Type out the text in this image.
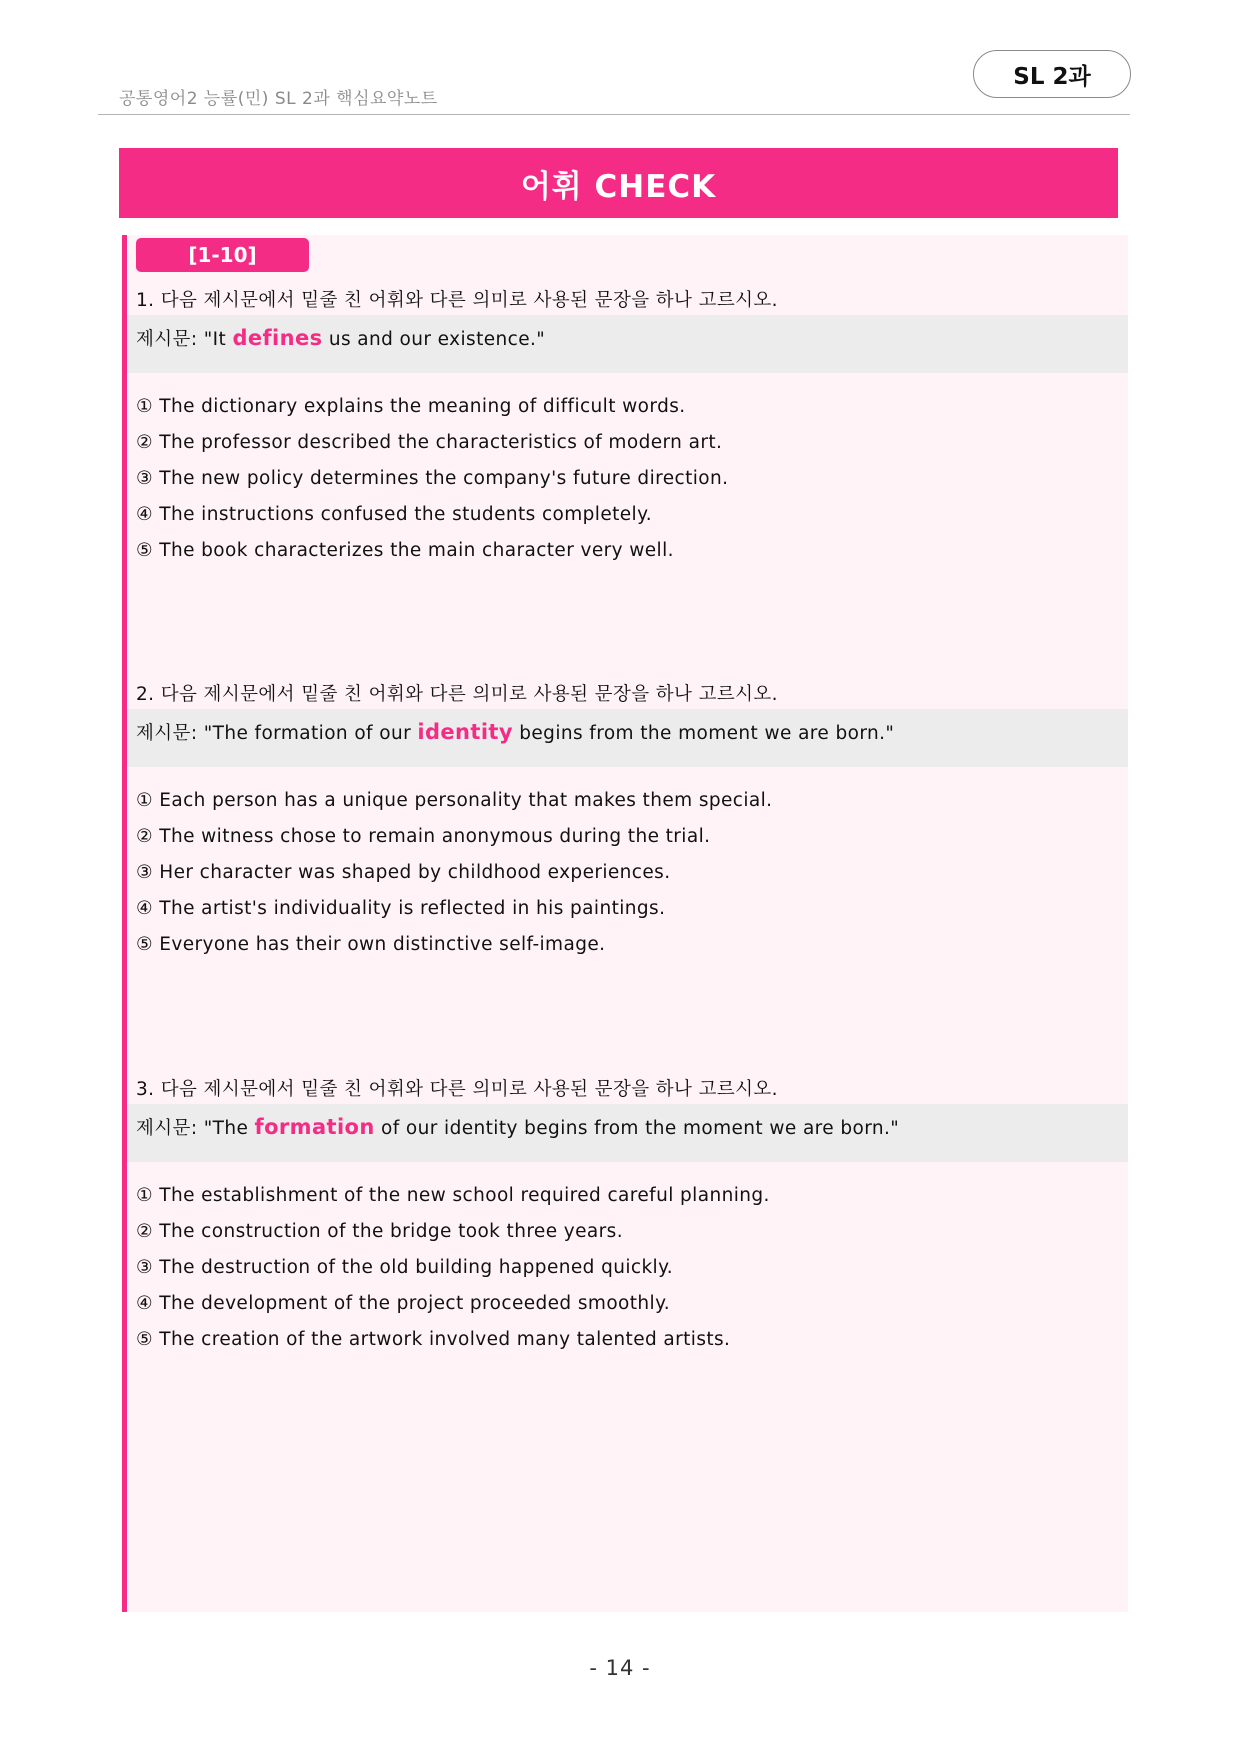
공통영어2 능률(민) SL 2과 핵심요약노트
SL 2과
어휘 CHECK
[1-10]
1. 다음 제시문에서 밑줄 친 어휘와 다른 의미로 사용된 문장을 하나 고르시오.
제시문: "It defines us and our existence."
① The dictionary explains the meaning of difficult words.
② The professor described the characteristics of modern art.
③ The new policy determines the company's future direction.
④ The instructions confused the students completely.
⑤ The book characterizes the main character very well.
2. 다음 제시문에서 밑줄 친 어휘와 다른 의미로 사용된 문장을 하나 고르시오.
제시문: "The formation of our identity begins from the moment we are born."
① Each person has a unique personality that makes them special.
② The witness chose to remain anonymous during the trial.
③ Her character was shaped by childhood experiences.
④ The artist's individuality is reflected in his paintings.
⑤ Everyone has their own distinctive self-image.
3. 다음 제시문에서 밑줄 친 어휘와 다른 의미로 사용된 문장을 하나 고르시오.
제시문: "The formation of our identity begins from the moment we are born."
① The establishment of the new school required careful planning.
② The construction of the bridge took three years.
③ The destruction of the old building happened quickly.
④ The development of the project proceeded smoothly.
⑤ The creation of the artwork involved many talented artists.
- 14 -
